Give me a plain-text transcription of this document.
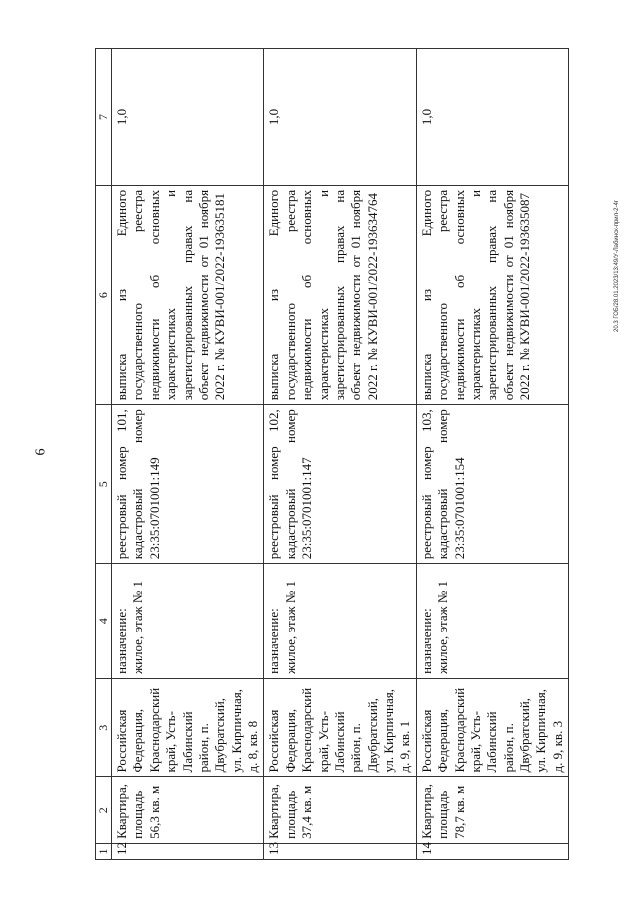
6
20.3 ГОБ/28.01.2023/13:49/У-Лабинск-прил-2-4г
1	2	3	4	5	6	7
12	Квартира, площадь 56,3 кв. м	Российская Федерация, Краснодарский край, Усть-Лабинский район, п. Двубратский, ул. Кирпичная, д. 8, кв. 8	назначение: жилое, этаж № 1	реестровый номер 101, кадастровый номер 23:35:0701001:149	выписка из Единого государственного реестра недвижимости об основных характеристиках и зарегистрированных правах на объект недвижимости от 01 ноября 2022 г. № КУВИ-001/2022-193635181	1,0
13	Квартира, площадь 37,4 кв. м	Российская Федерация, Краснодарский край, Усть-Лабинский район, п. Двубратский, ул. Кирпичная, д. 9, кв. 1	назначение: жилое, этаж № 1	реестровый номер 102, кадастровый номер 23:35:0701001:147	выписка из Единого государственного реестра недвижимости об основных характеристиках и зарегистрированных правах на объект недвижимости от 01 ноября 2022 г. № КУВИ-001/2022-193634764	1,0
14	Квартира, площадь 78,7 кв. м	Российская Федерация, Краснодарский край, Усть-Лабинский район, п. Двубратский, ул. Кирпичная, д. 9, кв. 3	назначение: жилое, этаж № 1	реестровый номер 103, кадастровый номер 23:35:0701001:154	выписка из Единого государственного реестра недвижимости об основных характеристиках и зарегистрированных правах на объект недвижимости от 01 ноября 2022 г. № КУВИ-001/2022-193635087	1,0
